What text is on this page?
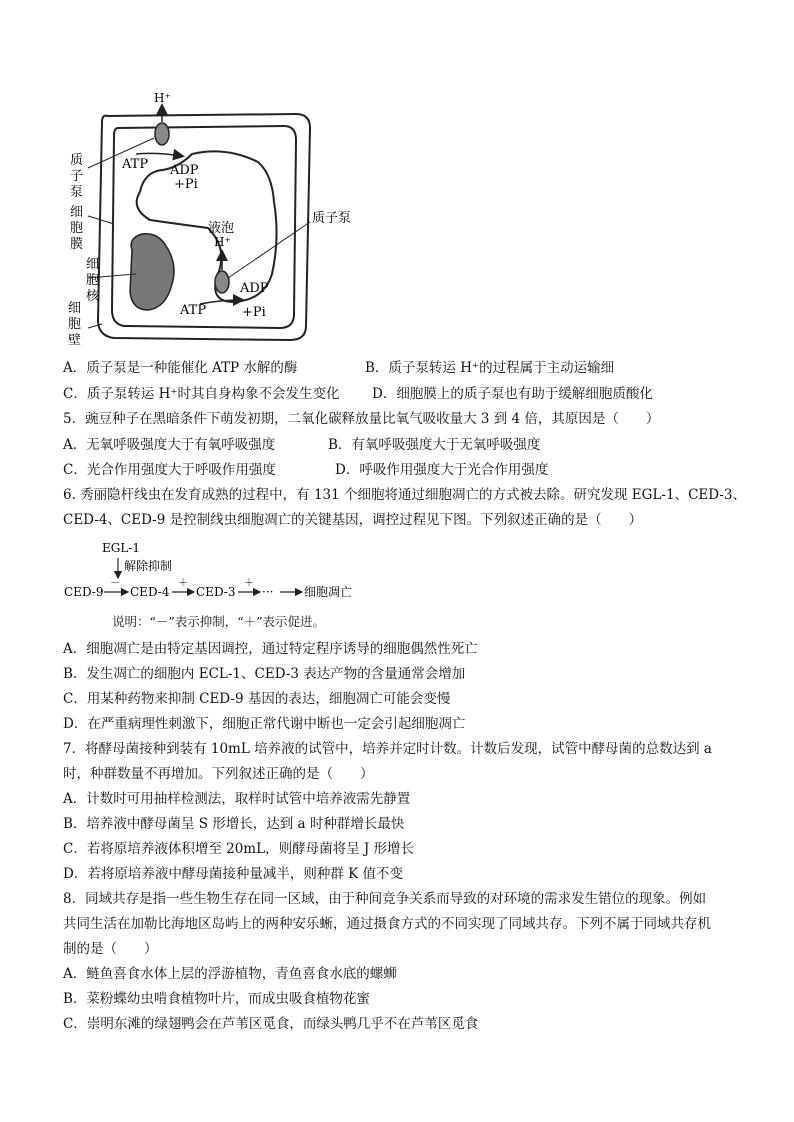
H⁺
ATP ADP
+Pi
H⁺
液泡
ADP
ATP	+Pi
质 子 泵
细 胞 膜
细 胞 核
细 胞 壁
质子泵
A．质子泵是一种能催化 ATP 水解的酶	B．质子泵转运 H⁺的过程属于主动运输细
C．质子泵转运 H⁺时其自身构象不会发生变化 D．细胞膜上的质子泵也有助于缓解细胞质酸化
5．豌豆种子在黑暗条件下萌发初期，二氧化碳释放量比氧气吸收量大 3 到 4 倍，其原因是（　　）
A．无氧呼吸强度大于有氧呼吸强度	B．有氧呼吸强度大于无氧呼吸强度
C．光合作用强度大于呼吸作用强度	D．呼吸作用强度大于光合作用强度
6. 秀丽隐杆线虫在发育成熟的过程中，有 131 个细胞将通过细胞凋亡的方式被去除。研究发现 EGL-1、CED-3、
CED-4、CED-9 是控制线虫细胞凋亡的关键基因，调控过程见下图。下列叙述正确的是（　　）
EGL-1
解除抑制
CED-9
－
CED-4
＋
CED-3
＋
···	细胞凋亡
说明：“－”表示抑制，“＋”表示促进。
A．细胞凋亡是由特定基因调控，通过特定程序诱导的细胞偶然性死亡
B．发生凋亡的细胞内 ECL-1、CED-3 表达产物的含量通常会增加
C．用某种药物来抑制 CED-9 基因的表达，细胞凋亡可能会变慢
D．在严重病理性刺激下，细胞正常代谢中断也一定会引起细胞凋亡
7．将酵母菌接种到装有 10mL 培养液的试管中，培养并定时计数。计数后发现，试管中酵母菌的总数达到 a
时，种群数量不再增加。下列叙述正确的是（　　）
A．计数时可用抽样检测法，取样时试管中培养液需先静置
B．培养液中酵母菌呈 S 形增长，达到 a 时种群增长最快
C．若将原培养液体积增至 20mL，则酵母菌将呈 J 形增长
D．若将原培养液中酵母菌接种量减半，则种群 K 值不变
8．同域共存是指一些生物生存在同一区域，由于种间竞争关系而导致的对环境的需求发生错位的现象。例如
共同生活在加勒比海地区岛屿上的两种安乐蜥，通过摄食方式的不同实现了同域共存。下列不属于同域共存机
制的是（　　）
A．鲢鱼喜食水体上层的浮游植物，青鱼喜食水底的螺蛳
B．菜粉蝶幼虫啃食植物叶片，而成虫吸食植物花蜜
C．崇明东滩的绿翅鸭会在芦苇区觅食，而绿头鸭几乎不在芦苇区觅食
